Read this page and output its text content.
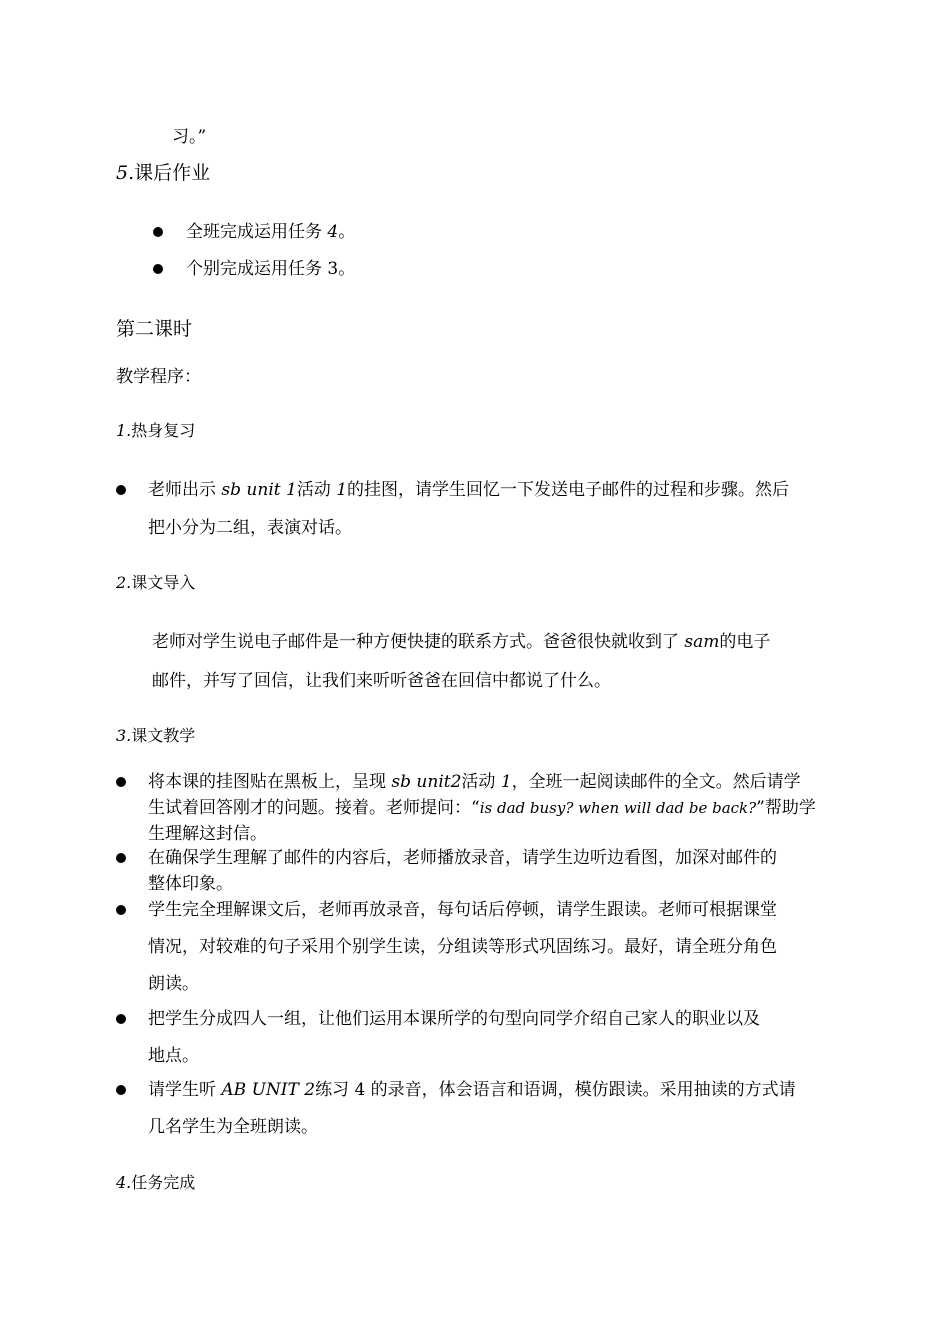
习。”
5.课后作业
全班完成运用任务 4。
个别完成运用任务 3。
第二课时
教学程序：
1.热身复习
老师出示 sb unit 1活动 1的挂图，请学生回忆一下发送电子邮件的过程和步骤。然后
把小分为二组，表演对话。
2.课文导入
老师对学生说电子邮件是一种方便快捷的联系方式。爸爸很快就收到了 sam的电子
邮件，并写了回信，让我们来听听爸爸在回信中都说了什么。
3.课文教学
将本课的挂图贴在黑板上，呈现 sb unit2活动 1，全班一起阅读邮件的全文。然后请学
生试着回答刚才的问题。接着。老师提问：“is dad busy? when will dad be back?”帮助学
生理解这封信。
在确保学生理解了邮件的内容后，老师播放录音，请学生边听边看图，加深对邮件的
整体印象。
学生完全理解课文后，老师再放录音，每句话后停顿，请学生跟读。老师可根据课堂
情况，对较难的句子采用个别学生读，分组读等形式巩固练习。最好，请全班分角色
朗读。
把学生分成四人一组，让他们运用本课所学的句型向同学介绍自己家人的职业以及
地点。
请学生听 AB UNIT 2练习 4 的录音，体会语言和语调，模仿跟读。采用抽读的方式请
几名学生为全班朗读。
4.任务完成
